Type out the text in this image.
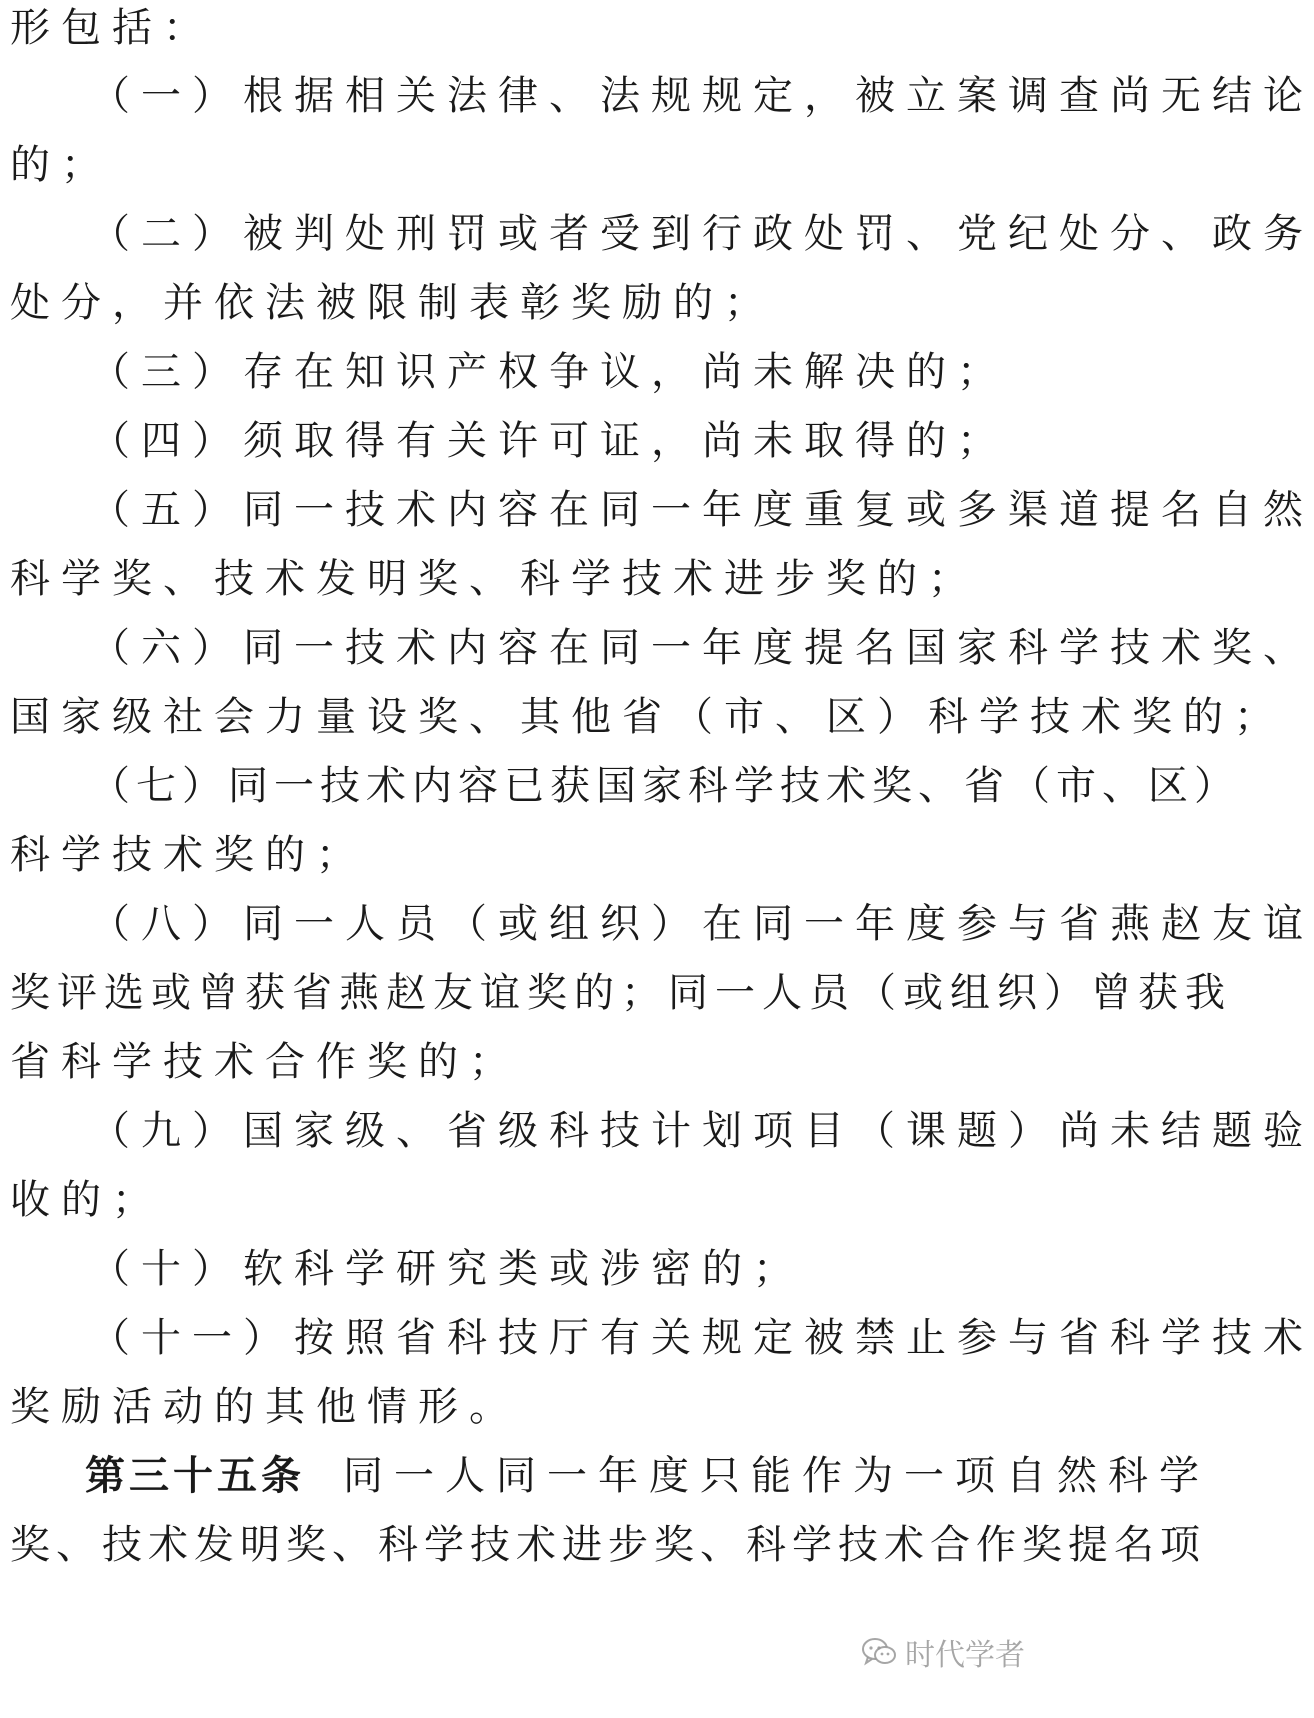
形包括：
（一）根据相关法律、法规规定，被立案调查尚无结论
的；
（二）被判处刑罚或者受到行政处罚、党纪处分、政务
处分，并依法被限制表彰奖励的；
（三）存在知识产权争议，尚未解决的；
（四）须取得有关许可证，尚未取得的；
（五）同一技术内容在同一年度重复或多渠道提名自然
科学奖、技术发明奖、科学技术进步奖的；
（六）同一技术内容在同一年度提名国家科学技术奖、
国家级社会力量设奖、其他省（市、区）科学技术奖的；
（七）同一技术内容已获国家科学技术奖、省（市、区）
科学技术奖的；
（八）同一人员（或组织）在同一年度参与省燕赵友谊
奖评选或曾获省燕赵友谊奖的；同一人员（或组织）曾获我
省科学技术合作奖的；
（九）国家级、省级科技计划项目（课题）尚未结题验
收的；
（十）软科学研究类或涉密的；
（十一）按照省科技厅有关规定被禁止参与省科学技术
奖励活动的其他情形。
第三十五条 同一人同一年度只能作为一项自然科学
奖、技术发明奖、科学技术进步奖、科学技术合作奖提名项
时代学者
